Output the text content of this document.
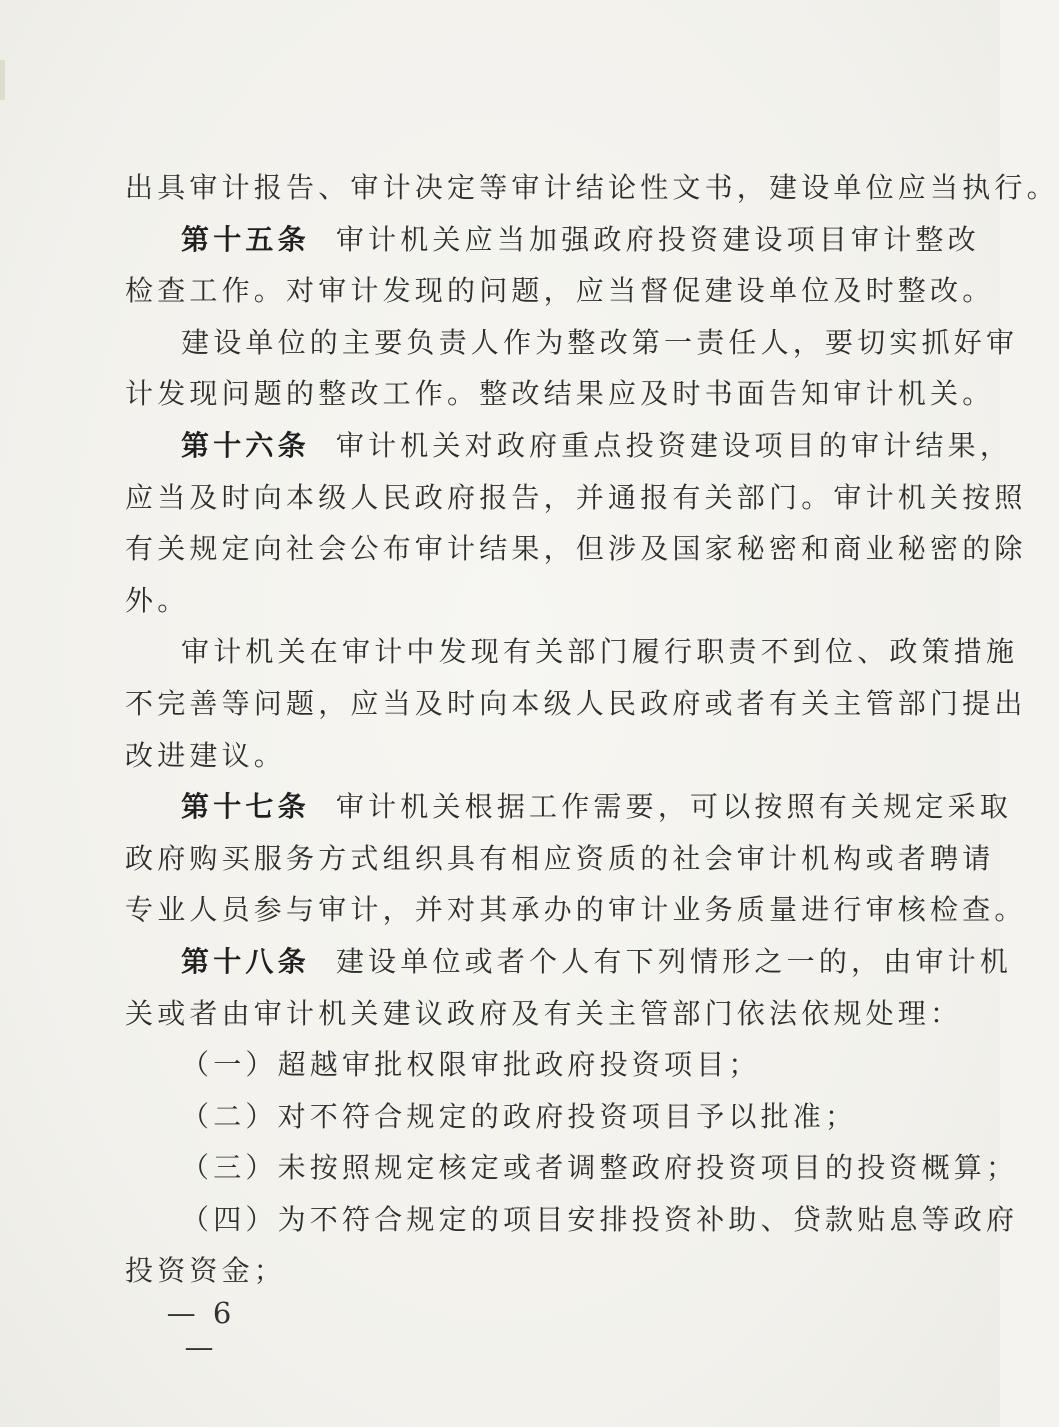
出具审计报告、审计决定等审计结论性文书，建设单位应当执行。
第十五条 审计机关应当加强政府投资建设项目审计整改
检查工作。对审计发现的问题，应当督促建设单位及时整改。
建设单位的主要负责人作为整改第一责任人，要切实抓好审
计发现问题的整改工作。整改结果应及时书面告知审计机关。
第十六条 审计机关对政府重点投资建设项目的审计结果，
应当及时向本级人民政府报告，并通报有关部门。审计机关按照
有关规定向社会公布审计结果，但涉及国家秘密和商业秘密的除
外。
审计机关在审计中发现有关部门履行职责不到位、政策措施
不完善等问题，应当及时向本级人民政府或者有关主管部门提出
改进建议。
第十七条 审计机关根据工作需要，可以按照有关规定采取
政府购买服务方式组织具有相应资质的社会审计机构或者聘请
专业人员参与审计，并对其承办的审计业务质量进行审核检查。
第十八条 建设单位或者个人有下列情形之一的，由审计机
关或者由审计机关建议政府及有关主管部门依法依规处理：
（一）超越审批权限审批政府投资项目；
（二）对不符合规定的政府投资项目予以批准；
（三）未按照规定核定或者调整政府投资项目的投资概算；
（四）为不符合规定的项目安排投资补助、贷款贴息等政府
投资资金；
— 6 —
